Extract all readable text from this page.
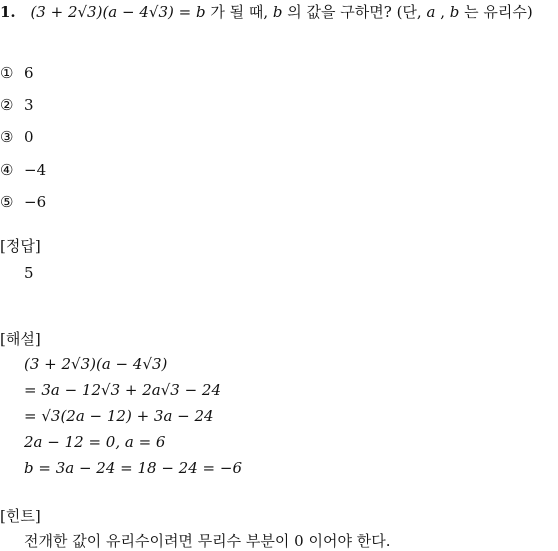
1. (3 + 2√3)(a − 4√3) = b 가 될 때, b 의 값을 구하면? (단, a , b 는 유리수)
① 6
② 3
③ 0
④ −4
⑤ −6
[정답]
5
[해설]
(3 + 2√3)(a − 4√3)
= 3a − 12√3 + 2a√3 − 24
= √3(2a − 12) + 3a − 24
2a − 12 = 0, a = 6
b = 3a − 24 = 18 − 24 = −6
[힌트]
전개한 값이 유리수이려면 무리수 부분이 0 이어야 한다.
